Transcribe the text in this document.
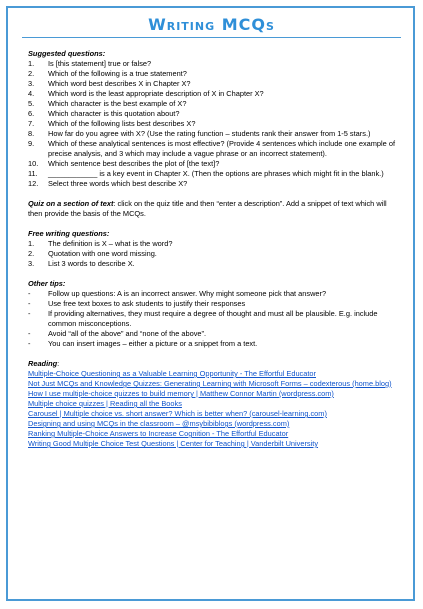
Writing MCQs
Suggested questions:
1.	Is [this statement] true or false?
2.	Which of the following is a true statement?
3.	Which word best describes X in Chapter X?
4.	Which word is the least appropriate description of X in Chapter X?
5.	Which character is the best example of X?
6.	Which character is this quotation about?
7.	Which of the following lists best describes X?
8.	How far do you agree with X? (Use the rating function – students rank their answer from 1-5 stars.)
9.	Which of these analytical sentences is most effective? (Provide 4 sentences which include one example of precise analysis, and 3 which may include a vague phrase or an incorrect statement).
10.	Which sentence best describes the plot of [the text]?
11.	____________ is a key event in Chapter X. (Then the options are phrases which might fit in the blank.)
12.	Select three words which best describe X?

Quiz on a section of text: click on the quiz title and then “enter a description”. Add a snippet of text which will then provide the basis of the MCQs.

Free writing questions:
1.	The definition is X – what is the word?
2.	Quotation with one word missing.
3.	List 3 words to describe X.
Other tips:
-	Follow up questions: A is an incorrect answer. Why might someone pick that answer?
-	Use free text boxes to ask students to justify their responses
-	If providing alternatives, they must require a degree of thought and must all be plausible. E.g. include common misconceptions.
-	Avoid “all of the above” and “none of the above”.
-	You can insert images – either a picture or a snippet from a text.
Reading:
Multiple-Choice Questioning as a Valuable Learning Opportunity - The Effortful Educator
Not Just MCQs and Knowledge Quizzes: Generating Learning with Microsoft Forms – codexterous (home.blog)
How I use multiple-choice quizzes to build memory | Matthew Connor Martin (wordpress.com)
Multiple choice quizzes | Reading all the Books
Carousel | Multiple choice vs. short answer? Which is better when? (carousel-learning.com)
Designing and using MCQs in the classroom – @msybibiblogs (wordpress.com)
Ranking Multiple-Choice Answers to Increase Cognition - The Effortful Educator
Writing Good Multiple Choice Test Questions | Center for Teaching | Vanderbilt University
